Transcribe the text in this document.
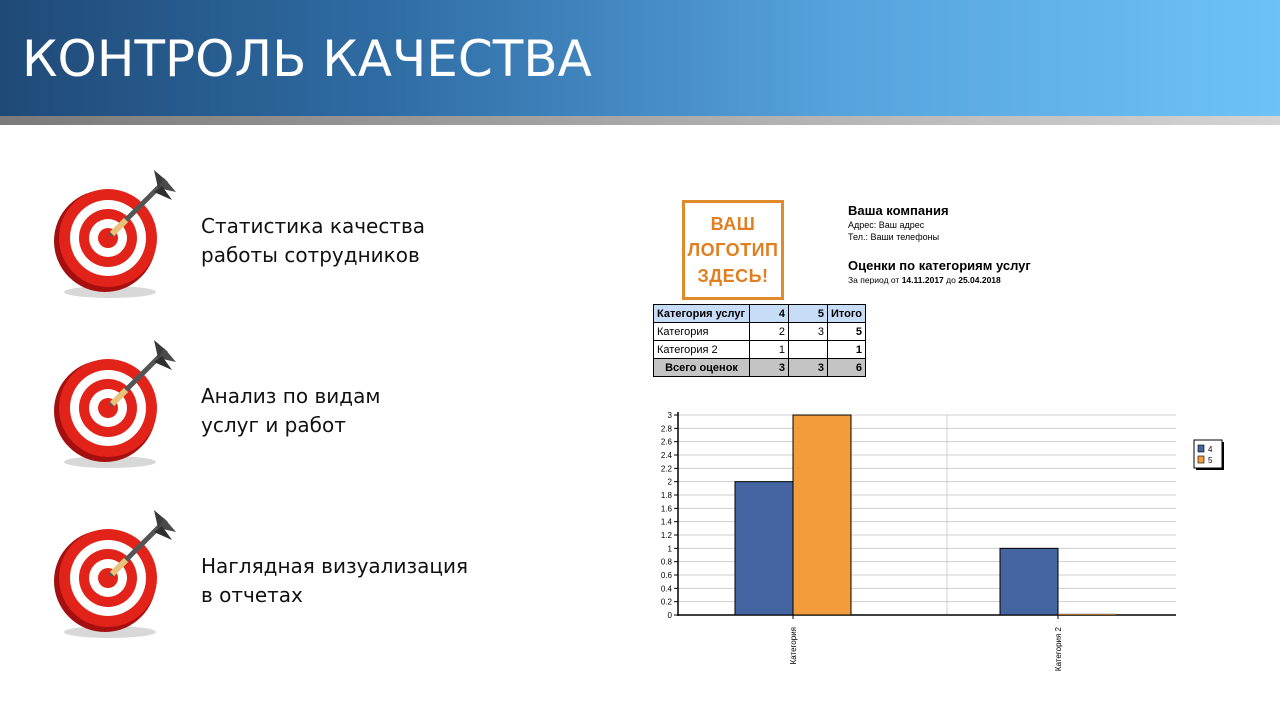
КОНТРОЛЬ КАЧЕСТВА
Статистика качества
работы сотрудников
Анализ по видам
услуг и работ
Наглядная визуализация
в отчетах
ВАШ
ЛОГОТИП
ЗДЕСЬ!
Ваша компания
Адрес: Ваш адрес
Тел.: Ваши телефоны
Оценки по категориям услуг
За период от 14.11.2017 до 25.04.2018
Категория услуг	4	5	Итого
Категория	2	3	5
Категория 2	1		1
Всего оценок	3	3	6
0
0.2
0.4
0.6
0.8
1
1.2
1.4
1.6
1.8
2
2.2
2.4
2.6
2.8
3
Категория	Категория 2
4
5
